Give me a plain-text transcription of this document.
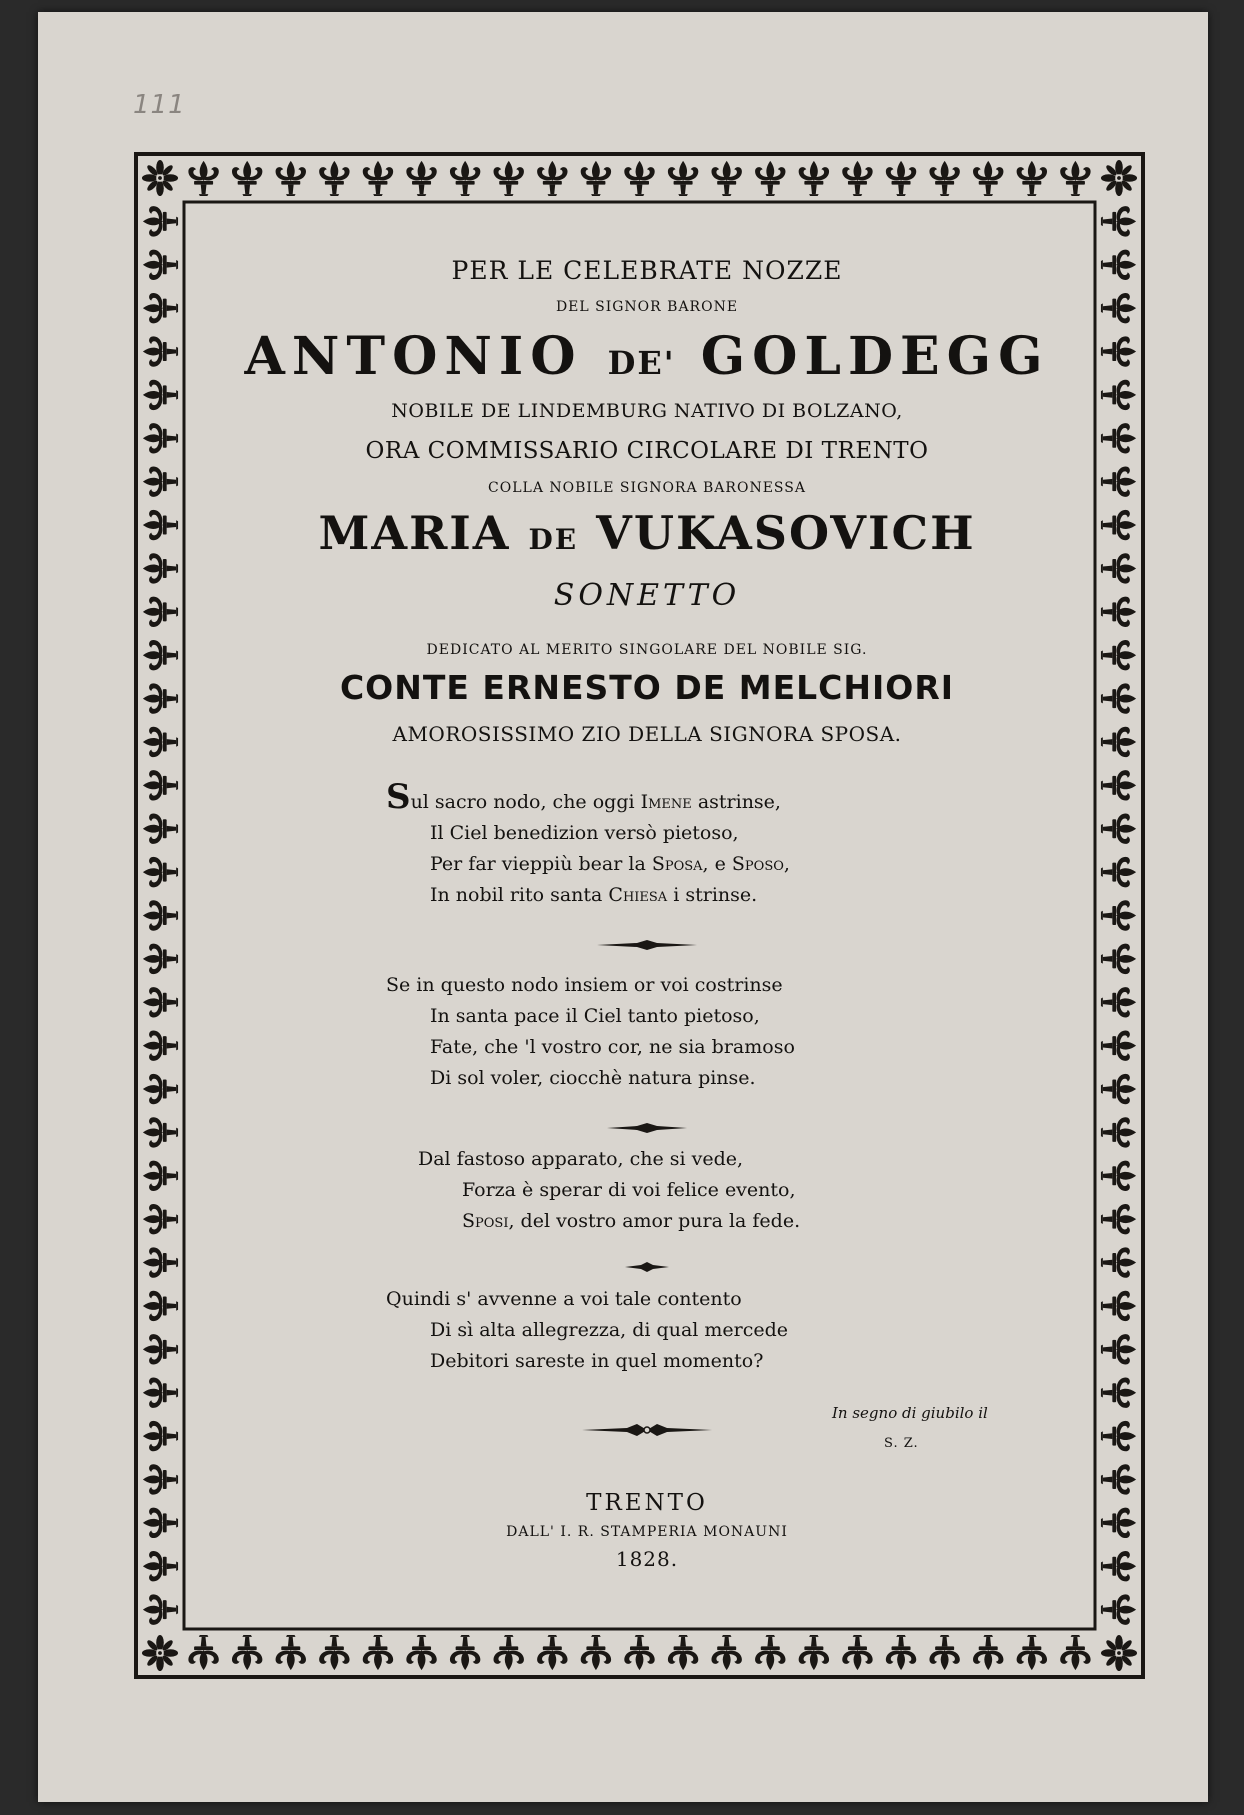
111
PER LE CELEBRATE NOZZE
DEL SIGNOR BARONE
ANTONIO DE' GOLDEGG
NOBILE DE LINDEMBURG NATIVO DI BOLZANO,
ORA COMMISSARIO CIRCOLARE DI TRENTO
COLLA NOBILE SIGNORA BARONESSA
MARIA DE VUKASOVICH
SONETTO
DEDICATO AL MERITO SINGOLARE DEL NOBILE SIG.
CONTE ERNESTO DE MELCHIORI
AMOROSISSIMO ZIO DELLA SIGNORA SPOSA.
Sul sacro nodo, che oggi Imene astrinse,
Il Ciel benedizion versò pietoso,
Per far vieppiù bear la Sposa, e Sposo,
In nobil rito santa Chiesa i strinse.
Se in questo nodo insiem or voi costrinse
In santa pace il Ciel tanto pietoso,
Fate, che 'l vostro cor, ne sia bramoso
Di sol voler, ciocchè natura pinse.
Dal fastoso apparato, che si vede,
Forza è sperar di voi felice evento,
Sposi, del vostro amor pura la fede.
Quindi s' avvenne a voi tale contento
Di sì alta allegrezza, di qual mercede
Debitori sareste in quel momento?
In segno di giubilo il
S. Z.
TRENTO
DALL' I. R. STAMPERIA MONAUNI
1828.
